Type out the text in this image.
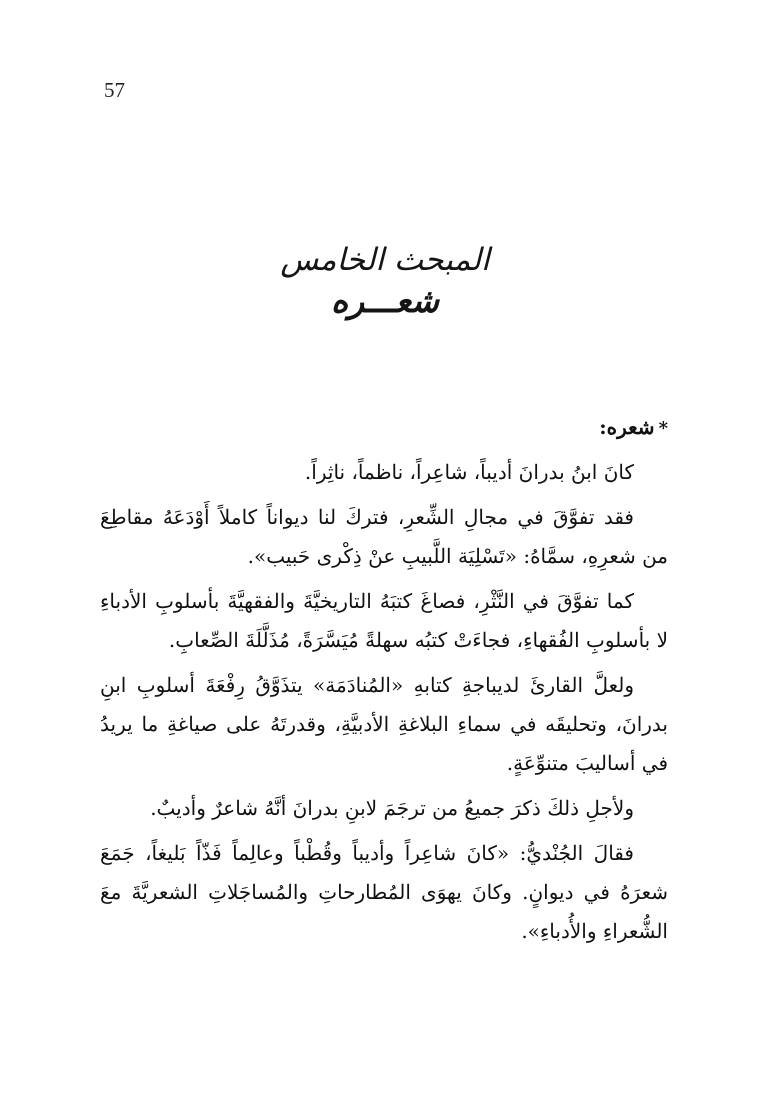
57
المبحث الخامس
شعـــره
*شعره:

كانَ ابنُ بدرانَ أديباً، شاعِراً، ناظماً، ناثِراً.

فقد تفوَّقَ في مجالِ الشِّعرِ، فتركَ لنا ديواناً كاملاً أَوْدَعَهُ مقاطِعَ من شعرِهِ، سمَّاهُ: «تَسْلِيَة اللَّبيبِ عنْ ذِكْرى حَبيب».

كما تفوَّقَ في النَّثْرِ، فصاغَ كتبَهُ التاريخيَّةَ والفقهيَّةَ بأسلوبِ الأدباءِ لا بأسلوبِ الفُقهاءِ، فجاءَتْ كتبُه سهلةً مُيَسَّرَةً، مُذَلَّلَةَ الصِّعابِ.

ولعلَّ القارئَ لديباجةِ كتابهِ «المُنادَمَة» يتذَوَّقُ رِفْعَةَ أسلوبِ ابنِ بدرانَ، وتحليقَه في سماءِ البلاغةِ الأدبيَّةِ، وقدرتَهُ على صياغةِ ما يريدُ في أساليبَ متنوِّعَةٍ.

ولأجلِ ذلكَ ذكرَ جميعُ من ترجَمَ لابنِ بدرانَ أنَّهُ شاعرٌ وأديبٌ.

فقالَ الجُنْديُّ: «كانَ شاعِراً وأديباً وقُطْباً وعالِماً فَذّاً بَليغاً، جَمَعَ شعرَهُ في ديوانٍ. وكانَ يهوَى المُطارحاتِ والمُساجَلاتِ الشعريَّةَ معَ الشُّعراءِ والأُدباءِ».
